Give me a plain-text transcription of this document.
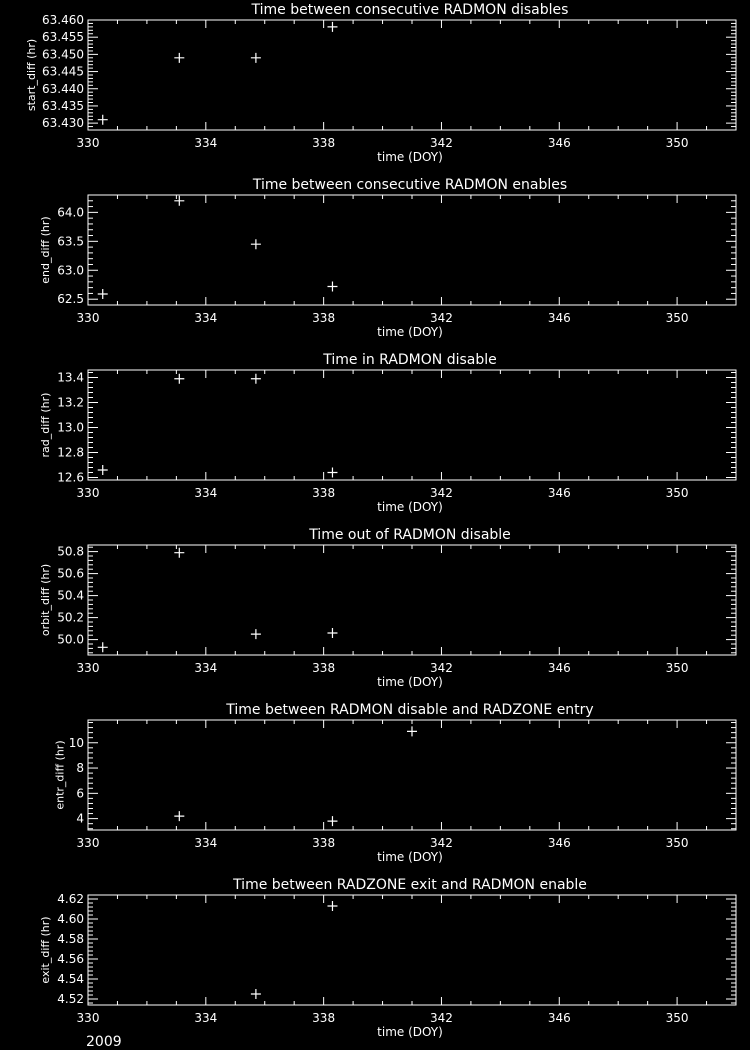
Time between consecutive RADMON disables
330	334	338	342	346	350
63.430
63.435
63.440
63.445
63.450
63.455
63.460
time (DOY)
start_diff (hr)
Time between consecutive RADMON enables
330	334	338	342	346	350
62.5
63.0
63.5
64.0
time (DOY)
end_diff (hr)
Time in RADMON disable
330	334	338	342	346	350
12.6
12.8
13.0
13.2
13.4
time (DOY)
rad_diff (hr)
Time out of RADMON disable
330	334	338	342	346	350
50.0
50.2
50.4
50.6
50.8
time (DOY)
orbit_diff (hr)
Time between RADMON disable and RADZONE entry
330	334	338	342	346	350
4
6
8
10
time (DOY)
entr_diff (hr)
Time between RADZONE exit and RADMON enable
330	334	338	342	346	350
4.52
4.54
4.56
4.58
4.60
4.62
time (DOY)
exit_diff (hr)
2009
